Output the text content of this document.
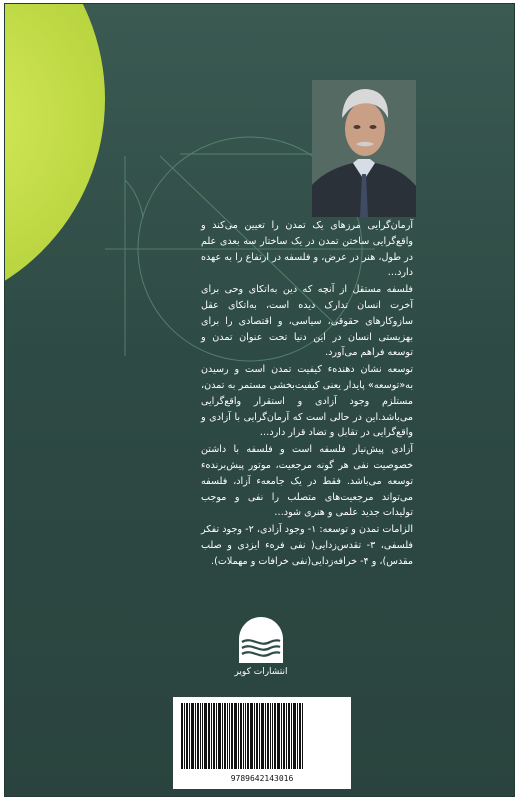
آرمان‌گرایی مرزهای یک تمدن را تعیین می‌کند و واقع‌گرایی ساختن تمدن در یک ساختار سه بعدی علم در طول، هنر در عرض، و فلسفه در ارتفاع را به عهده دارد…

فلسفه مستقل از آنچه که دین به‌اتکای وحی برای آخرت انسان تدارک دیده است، به‌اتکای عقل سازوکارهای حقوقی، سیاسی، و اقتصادی را برای بهزیستی انسان در این دنیا تحت عنوان تمدن و توسعه فراهم می‌آورد.

توسعه نشان دهنده‌ء کیفیت تمدن است و رسیدن به«توسعه» پایدار یعنی کیفیت‌بخشی مستمر به تمدن، مستلزم وجود آزادی و استقرار واقع‌گرایی می‌باشد.این در حالی است که آرمان‌گرایی با آزادی و واقع‌گرایی در تقابل و تضاد قرار دارد…

آزادی پیش‌نیاز فلسفه است و فلسفه با داشتن خصوصیت نفی هر گونه مرجعیت، موتور پیش‌برنده‌ء توسعه می‌باشد. فقط در یک جامعه‌ء آزاد، فلسفه می‌تواند مرجعیت‌های متصلب را نفی و موجب تولیدات جدید علمی و هنری شود…

الزامات تمدن و توسعه: ۱- وجود آزادی، ۲- وجود تفکر فلسفی، ۳- تقدس‌زدایی( نفی فره‌ء ایزدی و صلب مقدس)، و ۴- خرافه‌زدایی(نفی خرافات و مهملات).

انتشارات کویر
9789642143016
